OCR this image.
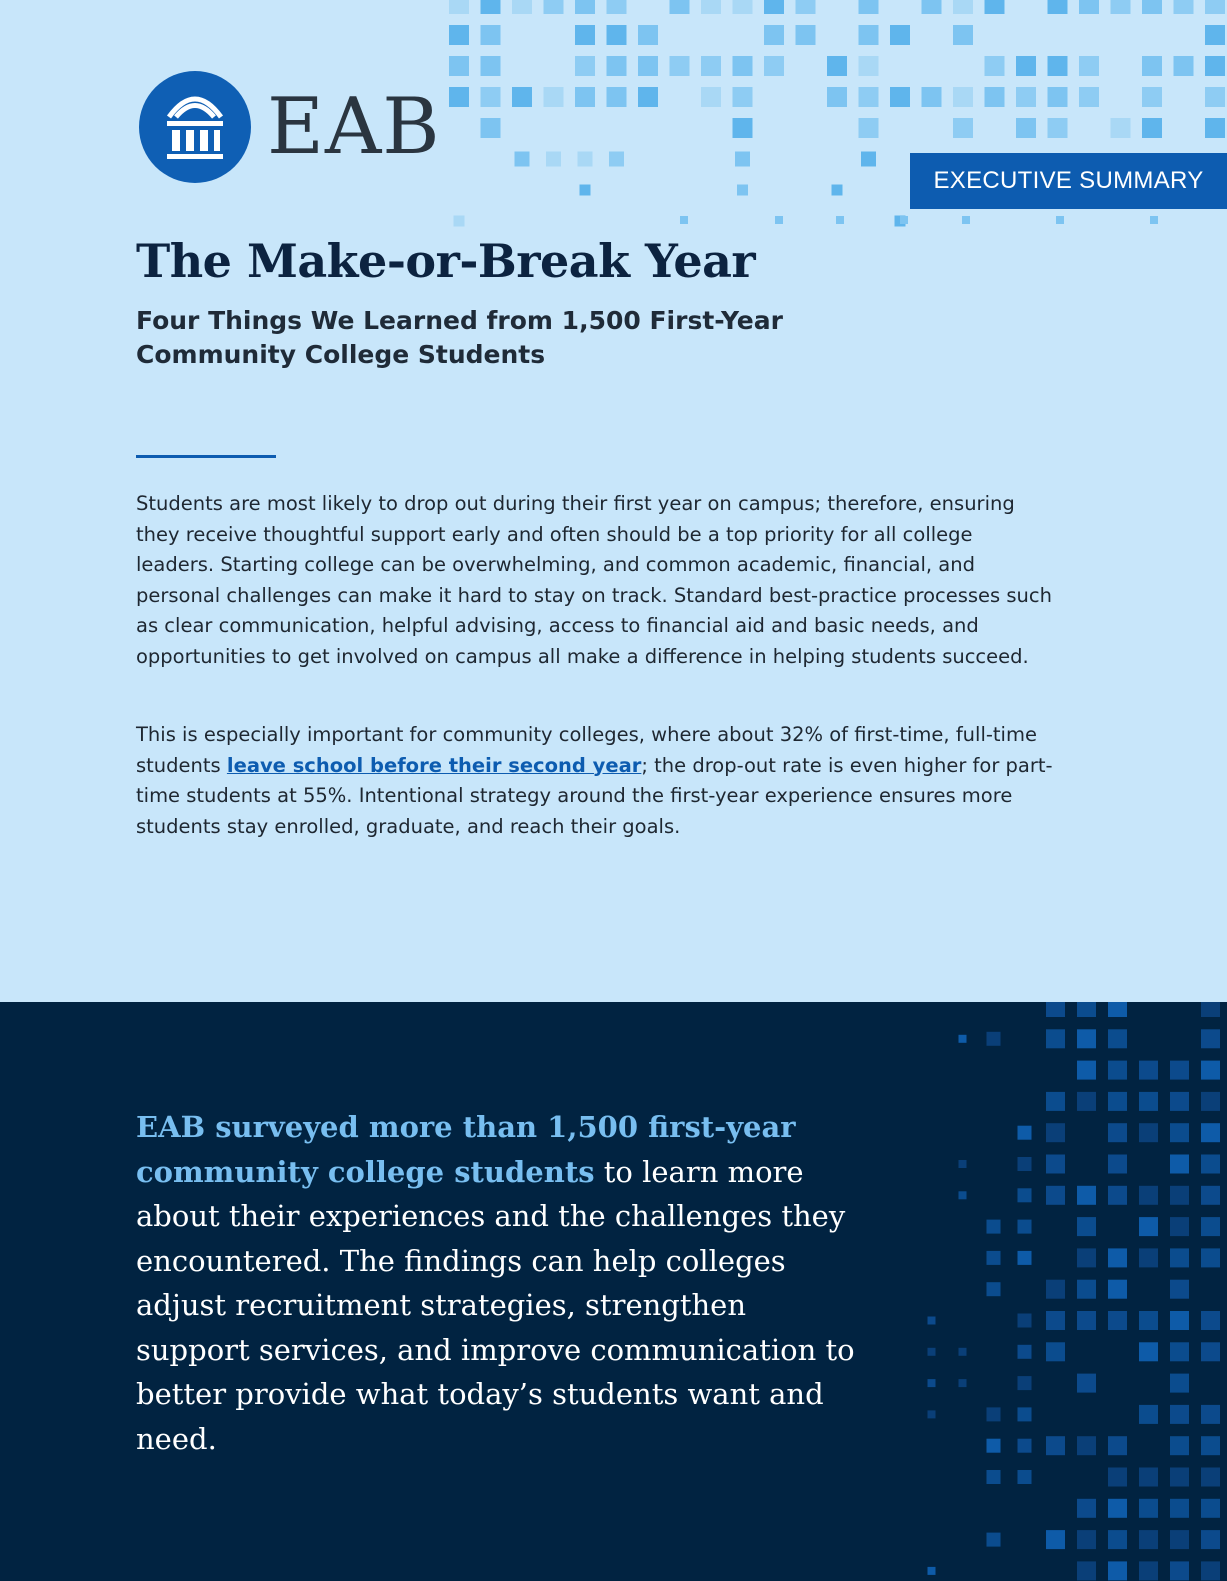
EAB
EXECUTIVE SUMMARY
The Make-or-Break Year
Four Things We Learned from 1,500 First-Year Community College Students

Students are most likely to drop out during their first year on campus; therefore, ensuring they receive thoughtful support early and often should be a top priority for all college leaders. Starting college can be overwhelming, and common academic, financial, and personal challenges can make it hard to stay on track. Standard best-practice processes such as clear communication, helpful advising, access to financial aid and basic needs, and opportunities to get involved on campus all make a difference in helping students succeed.

This is especially important for community colleges, where about 32% of first-time, full-time students leave school before their second year; the drop-out rate is even higher for part-time students at 55%. Intentional strategy around the first-year experience ensures more students stay enrolled, graduate, and reach their goals.

EAB surveyed more than 1,500 first-year community college students to learn more about their experiences and the challenges they encountered. The findings can help colleges adjust recruitment strategies, strengthen support services, and improve communication to better provide what today’s students want and need.
